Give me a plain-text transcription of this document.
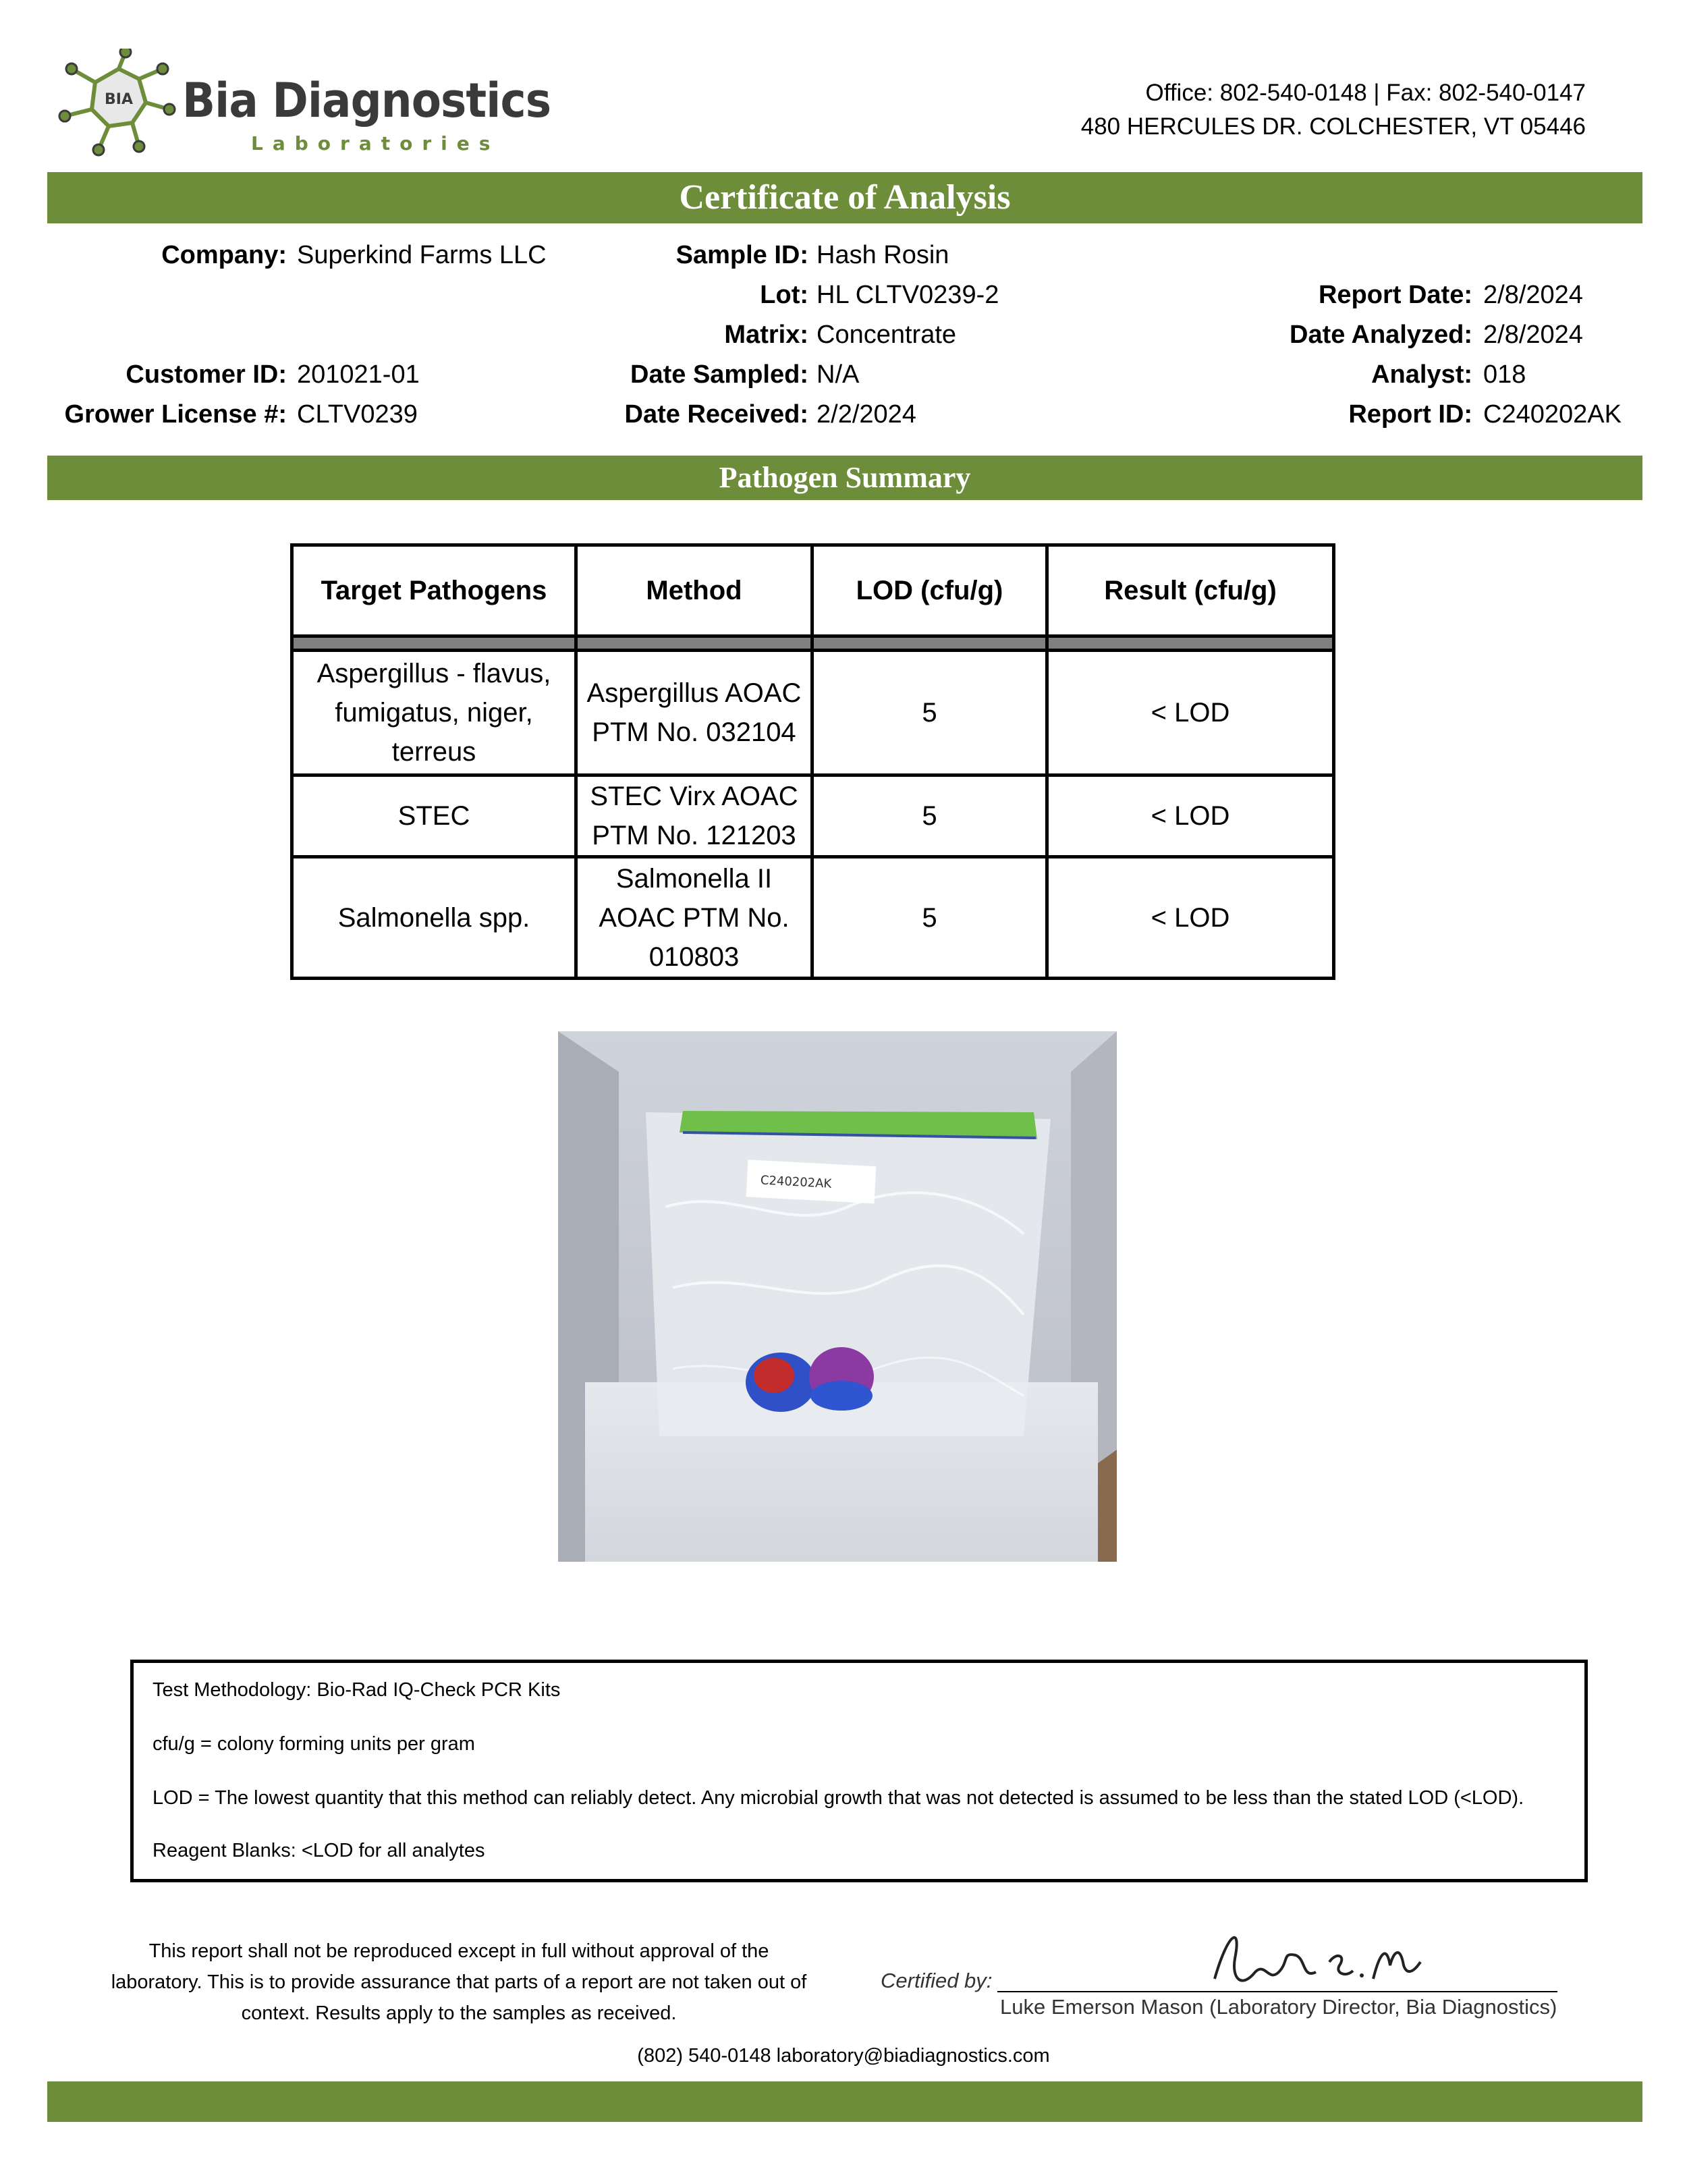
BIA Bia Diagnostics
Laboratories
Office: 802-540-0148 | Fax: 802-540-0147
480 HERCULES DR. COLCHESTER, VT 05446
Certificate of Analysis
Company: Superkind Farms LLC
Customer ID: 201021-01
Grower License #: CLTV0239
Sample ID: Hash Rosin
Lot: HL CLTV0239-2
Matrix: Concentrate
Date Sampled: N/A
Date Received: 2/2/2024
Report Date: 2/8/2024
Date Analyzed: 2/8/2024
Analyst: 018
Report ID: C240202AK
Pathogen Summary
Target Pathogens	Method	LOD (cfu/g)	Result (cfu/g)

Aspergillus - flavus, fumigatus, niger, terreus	Aspergillus AOAC PTM No. 032104	5	< LOD
STEC	STEC Virx AOAC PTM No. 121203	5	< LOD
Salmonella spp.	Salmonella II AOAC PTM No. 010803	5	< LOD
C240202AK
Test Methodology: Bio-Rad IQ-Check PCR Kits
cfu/g = colony forming units per gram
LOD = The lowest quantity that this method can reliably detect. Any microbial growth that was not detected is assumed to be less than the stated LOD (<LOD).
Reagent Blanks: <LOD for all analytes
This report shall not be reproduced except in full without approval of the laboratory. This is to provide assurance that parts of a report are not taken out of context. Results apply to the samples as received.
Certified by:
Luke Emerson Mason (Laboratory Director, Bia Diagnostics)
(802) 540-0148 laboratory@biadiagnostics.com
